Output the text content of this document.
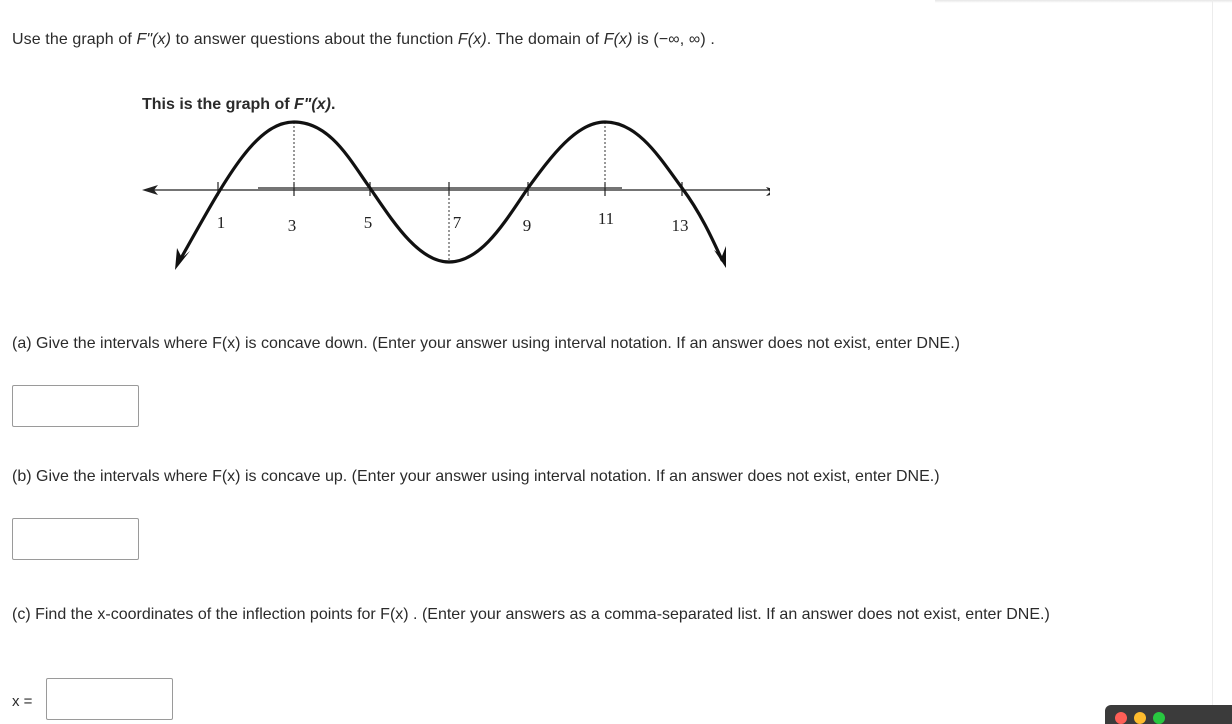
Use the graph of F"(x) to answer questions about the function F(x). The domain of F(x) is (−∞, ∞) .
This is the graph of F"(x).
1	3	5	7	9	11	13
(a) Give the intervals where F(x) is concave down. (Enter your answer using interval notation. If an answer does not exist, enter DNE.)
(b) Give the intervals where F(x) is concave up. (Enter your answer using interval notation. If an answer does not exist, enter DNE.)
(c) Find the x-coordinates of the inflection points for F(x) . (Enter your answers as a comma-separated list. If an answer does not exist, enter DNE.)
x =
